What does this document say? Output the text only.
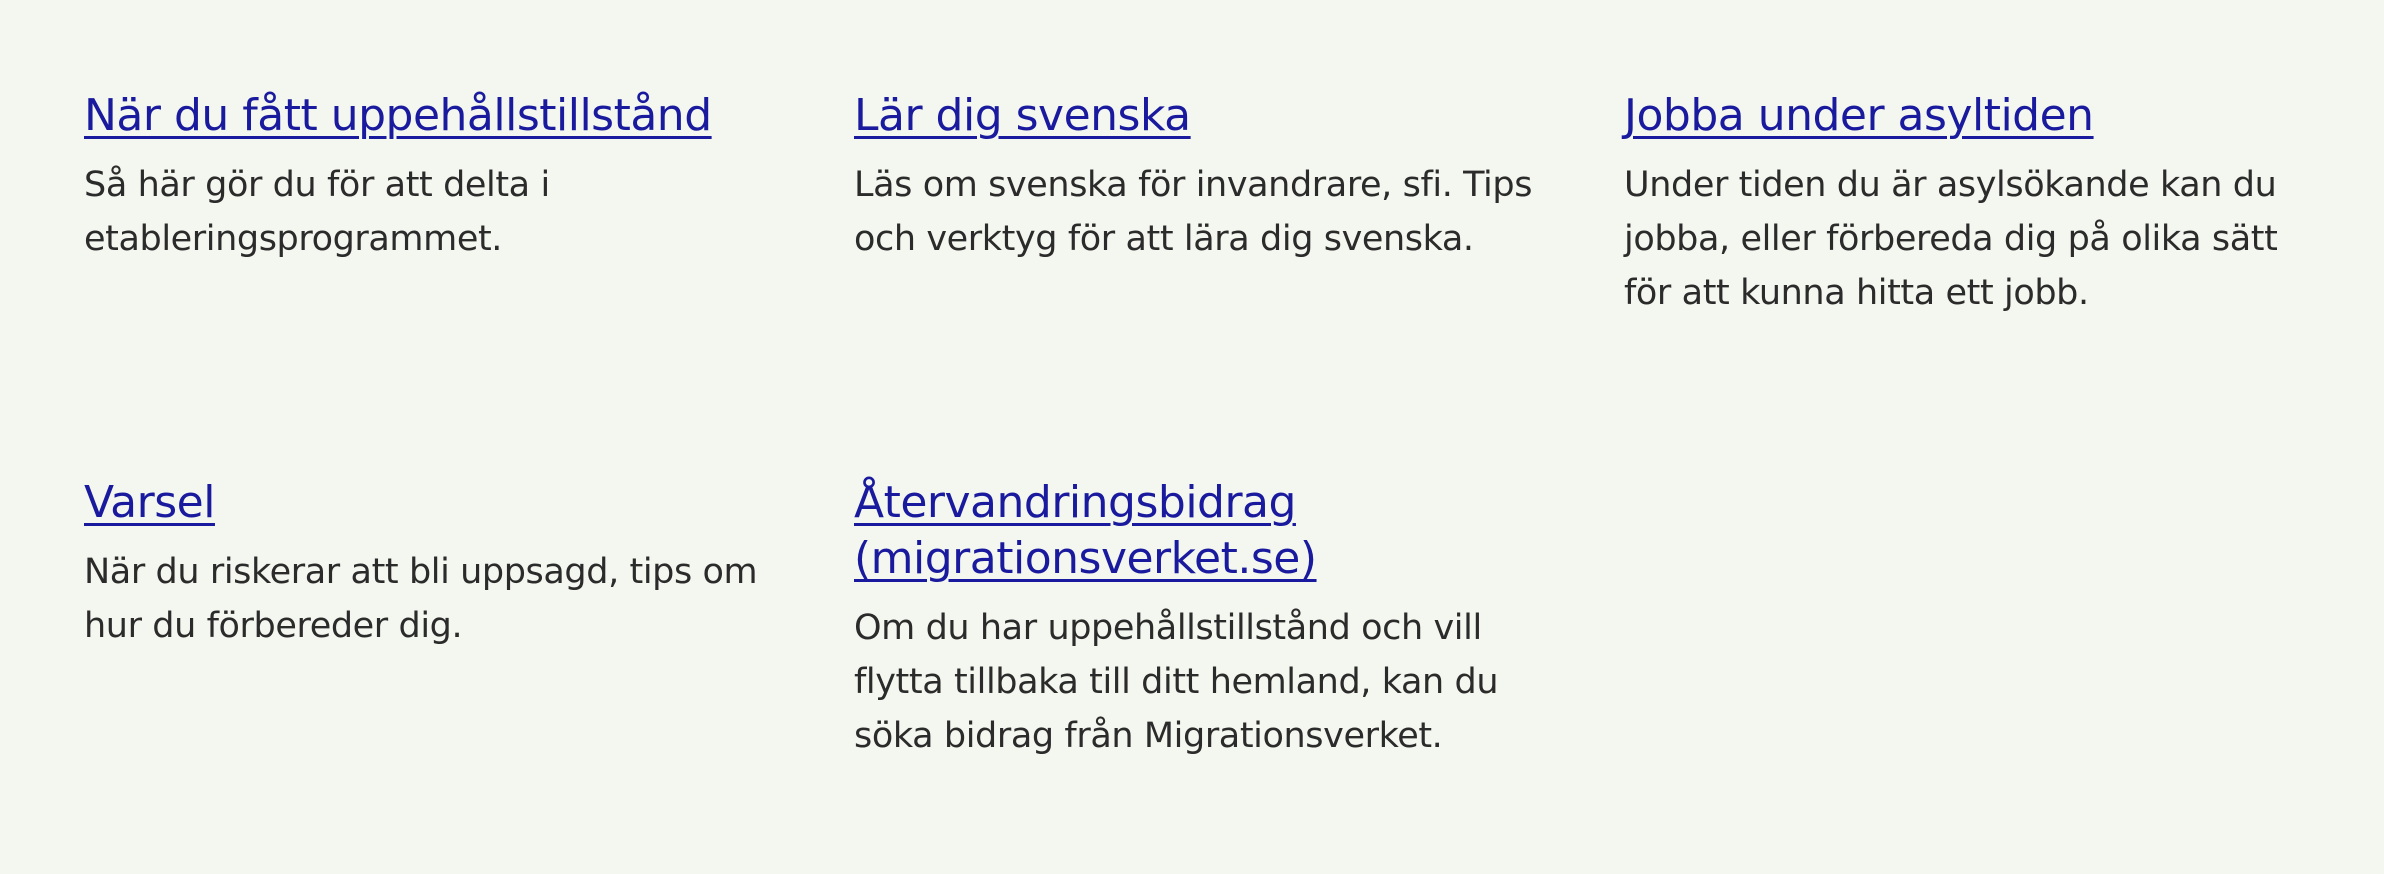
När du fått uppehållstillstånd

Så här gör du för att delta i etableringsprogrammet.

Lär dig svenska

Läs om svenska för invandrare, sfi. Tips och verktyg för att lära dig svenska.

Jobba under asyltiden

Under tiden du är asylsökande kan du jobba, eller förbereda dig på olika sätt för att kunna hitta ett jobb.

Varsel

När du riskerar att bli uppsagd, tips om hur du förbereder dig.

Återvandringsbidrag (migrationsverket.se)

Om du har uppehållstillstånd och vill flytta tillbaka till ditt hemland, kan du söka bidrag från Migrationsverket.
